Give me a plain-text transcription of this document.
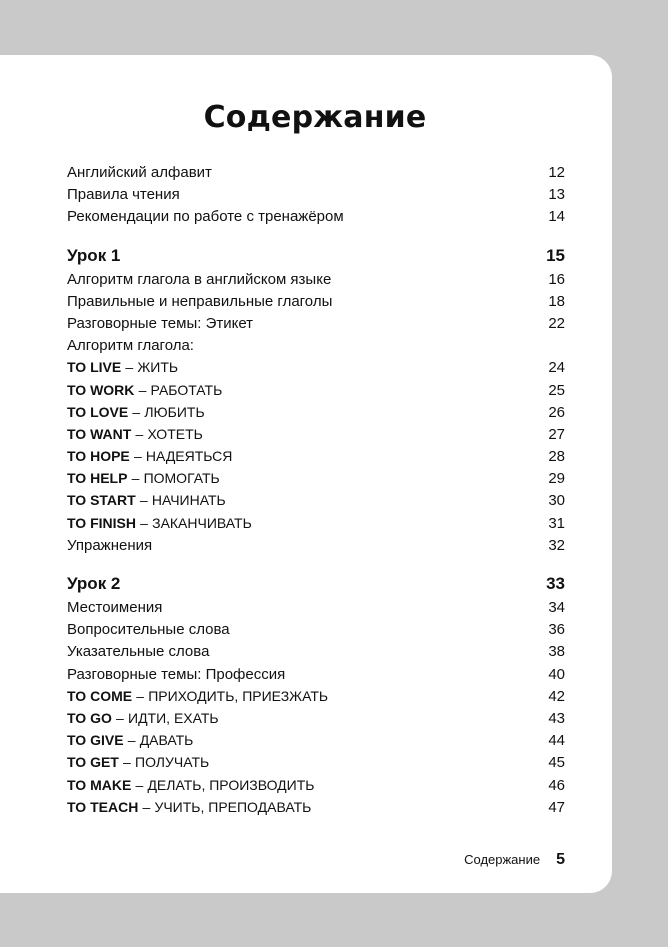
Содержание
Английский алфавит	12
Правила чтения	13
Рекомендации по работе с тренажёром	14
Урок 1	15
Алгоритм глагола в английском языке	16
Правильные и неправильные глаголы	18
Разговорные темы: Этикет	22
Алгоритм глагола:
TO LIVE – ЖИТЬ	24
TO WORK – РАБОТАТЬ	25
TO LOVE – ЛЮБИТЬ	26
TO WANT – ХОТЕТЬ	27
TO HOPE – НАДЕЯТЬСЯ	28
TO HELP – ПОМОГАТЬ	29
TO START – НАЧИНАТЬ	30
TO FINISH – ЗАКАНЧИВАТЬ	31
Упражнения	32
Урок 2	33
Местоимения	34
Вопросительные слова	36
Указательные слова	38
Разговорные темы: Профессия	40
TO COME – ПРИХОДИТЬ, ПРИЕЗЖАТЬ	42
TO GO – ИДТИ, ЕХАТЬ	43
TO GIVE – ДАВАТЬ	44
TO GET – ПОЛУЧАТЬ	45
TO MAKE – ДЕЛАТЬ, ПРОИЗВОДИТЬ	46
TO TEACH – УЧИТЬ, ПРЕПОДАВАТЬ	47
Содержание 5
